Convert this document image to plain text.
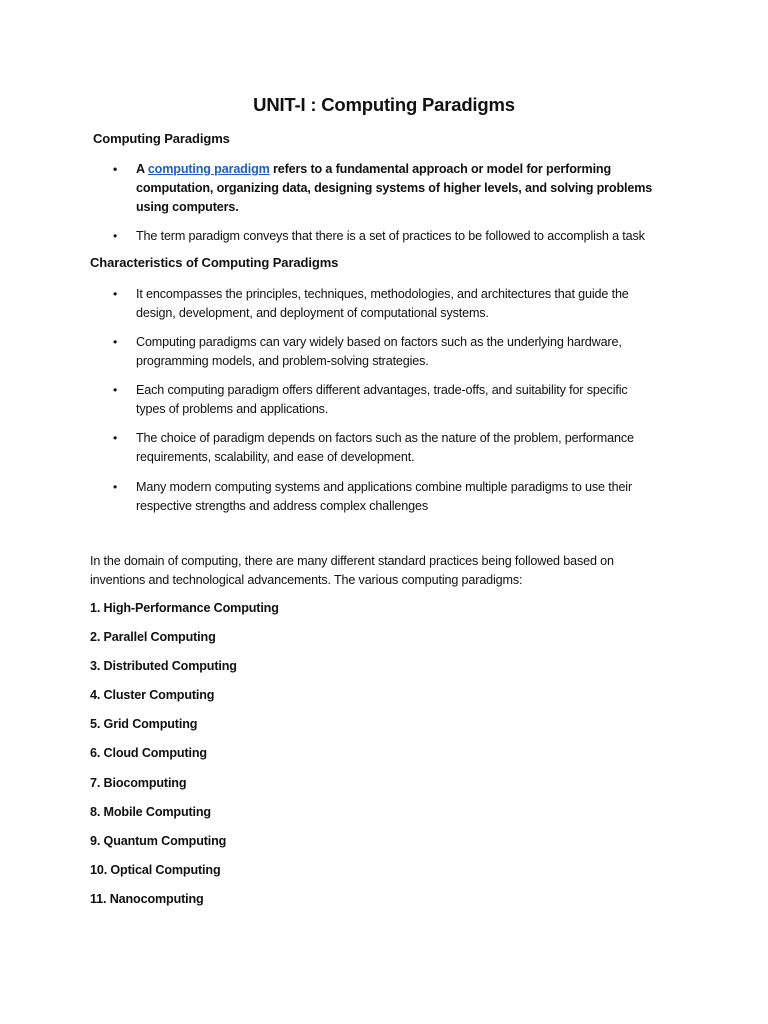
UNIT-I : Computing Paradigms

Computing Paradigms

• A computing paradigm refers to a fundamental approach or model for performing computation, organizing data, designing systems of higher levels, and solving problems using computers.
• The term paradigm conveys that there is a set of practices to be followed to accomplish a task

Characteristics of Computing Paradigms

• It encompasses the principles, techniques, methodologies, and architectures that guide the design, development, and deployment of computational systems.
• Computing paradigms can vary widely based on factors such as the underlying hardware, programming models, and problem-solving strategies.
• Each computing paradigm offers different advantages, trade-offs, and suitability for specific types of problems and applications.
• The choice of paradigm depends on factors such as the nature of the problem, performance requirements, scalability, and ease of development.
• Many modern computing systems and applications combine multiple paradigms to use their respective strengths and address complex challenges

In the domain of computing, there are many different standard practices being followed based on inventions and technological advancements. The various computing paradigms:

1. High-Performance Computing
2. Parallel Computing
3. Distributed Computing
4. Cluster Computing
5. Grid Computing
6. Cloud Computing
7. Biocomputing
8. Mobile Computing
9. Quantum Computing
10. Optical Computing
11. Nanocomputing
